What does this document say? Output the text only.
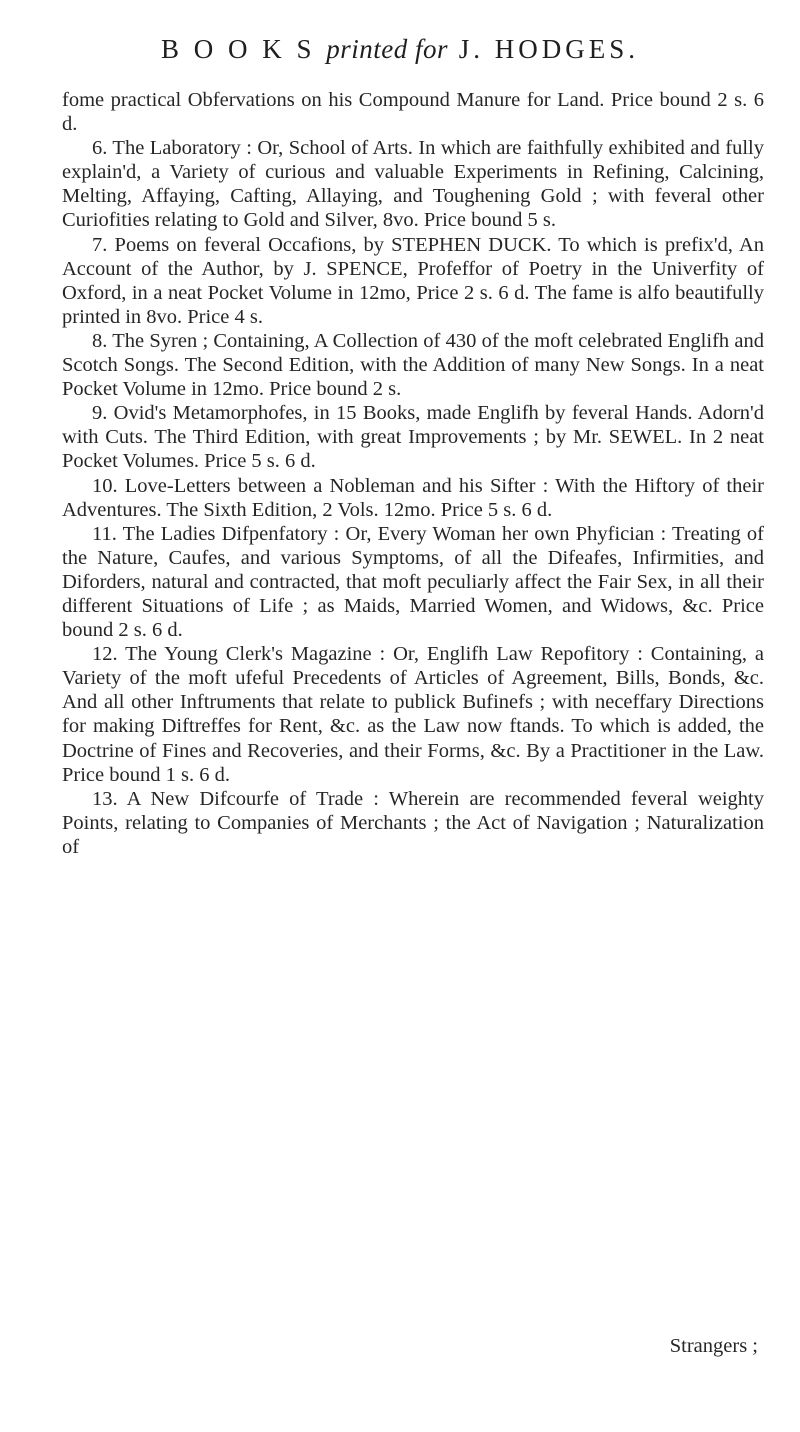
B O O K S printed for J. HODGES.

fome practical Obfervations on his Compound Manure for Land. Price bound 2 s. 6 d.

6. The Laboratory : Or, School of Arts. In which are faithfully exhibited and fully explain'd, a Variety of curious and valuable Experiments in Refining, Calcining, Melting, Affaying, Cafting, Allaying, and Toughening Gold ; with feveral other Curiofities relating to Gold and Silver, 8vo. Price bound 5 s.

7. Poems on feveral Occafions, by STEPHEN DUCK. To which is prefix'd, An Account of the Author, by J. SPENCE, Profeffor of Poetry in the Univerfity of Oxford, in a neat Pocket Volume in 12mo, Price 2 s. 6 d. The fame is alfo beautifully printed in 8vo. Price 4 s.

8. The Syren ; Containing, A Collection of 430 of the moft celebrated Englifh and Scotch Songs. The Second Edition, with the Addition of many New Songs. In a neat Pocket Volume in 12mo. Price bound 2 s.

9. Ovid's Metamorphofes, in 15 Books, made Englifh by feveral Hands. Adorn'd with Cuts. The Third Edition, with great Improvements ; by Mr. SEWEL. In 2 neat Pocket Volumes. Price 5 s. 6 d.

10. Love-Letters between a Nobleman and his Sifter : With the Hiftory of their Adventures. The Sixth Edition, 2 Vols. 12mo. Price 5 s. 6 d.

11. The Ladies Difpenfatory : Or, Every Woman her own Phyfician : Treating of the Nature, Caufes, and various Symptoms, of all the Difeafes, Infirmities, and Diforders, natural and contracted, that moft peculiarly affect the Fair Sex, in all their different Situations of Life ; as Maids, Married Women, and Widows, &c. Price bound 2 s. 6 d.

12. The Young Clerk's Magazine : Or, Englifh Law Repofitory : Containing, a Variety of the moft ufeful Precedents of Articles of Agreement, Bills, Bonds, &c. And all other Inftruments that relate to publick Bufinefs ; with neceffary Directions for making Diftreffes for Rent, &c. as the Law now ftands. To which is added, the Doctrine of Fines and Recoveries, and their Forms, &c. By a Practitioner in the Law. Price bound 1 s. 6 d.

13. A New Difcourfe of Trade : Wherein are recommended feveral weighty Points, relating to Companies of Merchants ; the Act of Navigation ; Naturalization of

Strangers ;
